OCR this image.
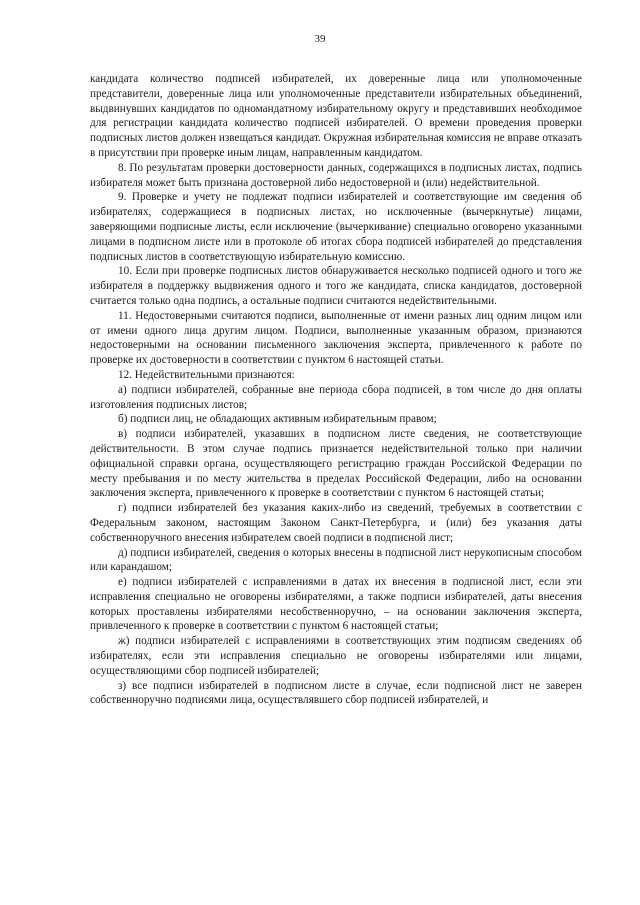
39

кандидата количество подписей избирателей, их доверенные лица или уполномоченные представители, доверенные лица или уполномоченные представители избирательных объединений, выдвинувших кандидатов по одномандатному избирательному округу и представивших необходимое для регистрации кандидата количество подписей избирателей. О времени проведения проверки подписных листов должен извещаться кандидат. Окружная избирательная комиссия не вправе отказать в присутствии при проверке иным лицам, направленным кандидатом.

8. По результатам проверки достоверности данных, содержащихся в подписных листах, подпись избирателя может быть признана достоверной либо недостоверной и (или) недействительной.

9. Проверке и учету не подлежат подписи избирателей и соответствующие им сведения об избирателях, содержащиеся в подписных листах, но исключенные (вычеркнутые) лицами, заверяющими подписные листы, если исключение (вычеркивание) специально оговорено указанными лицами в подписном листе или в протоколе об итогах сбора подписей избирателей до представления подписных листов в соответствующую избирательную комиссию.

10. Если при проверке подписных листов обнаруживается несколько подписей одного и того же избирателя в поддержку выдвижения одного и того же кандидата, списка кандидатов, достоверной считается только одна подпись, а остальные подписи считаются недействительными.

11. Недостоверными считаются подписи, выполненные от имени разных лиц одним лицом или от имени одного лица другим лицом. Подписи, выполненные указанным образом, признаются недостоверными на основании письменного заключения эксперта, привлеченного к работе по проверке их достоверности в соответствии с пунктом 6 настоящей статьи.

12. Недействительными признаются:

а) подписи избирателей, собранные вне периода сбора подписей, в том числе до дня оплаты изготовления подписных листов;

б) подписи лиц, не обладающих активным избирательным правом;

в) подписи избирателей, указавших в подписном листе сведения, не соответствующие действительности. В этом случае подпись признается недействительной только при наличии официальной справки органа, осуществляющего регистрацию граждан Российской Федерации по месту пребывания и по месту жительства в пределах Российской Федерации, либо на основании заключения эксперта, привлеченного к проверке в соответствии с пунктом 6 настоящей статьи;

г) подписи избирателей без указания каких-либо из сведений, требуемых в соответствии с Федеральным законом, настоящим Законом Санкт-Петербурга, и (или) без указания даты собственноручного внесения избирателем своей подписи в подписной лист;

д) подписи избирателей, сведения о которых внесены в подписной лист нерукописным способом или карандашом;

е) подписи избирателей с исправлениями в датах их внесения в подписной лист, если эти исправления специально не оговорены избирателями, а также подписи избирателей, даты внесения которых проставлены избирателями несобственноручно, – на основании заключения эксперта, привлеченного к проверке в соответствии с пунктом 6 настоящей статьи;

ж) подписи избирателей с исправлениями в соответствующих этим подписям сведениях об избирателях, если эти исправления специально не оговорены избирателями или лицами, осуществляющими сбор подписей избирателей;

з) все подписи избирателей в подписном листе в случае, если подписной лист не заверен собственноручно подписями лица, осуществлявшего сбор подписей избирателей, и
